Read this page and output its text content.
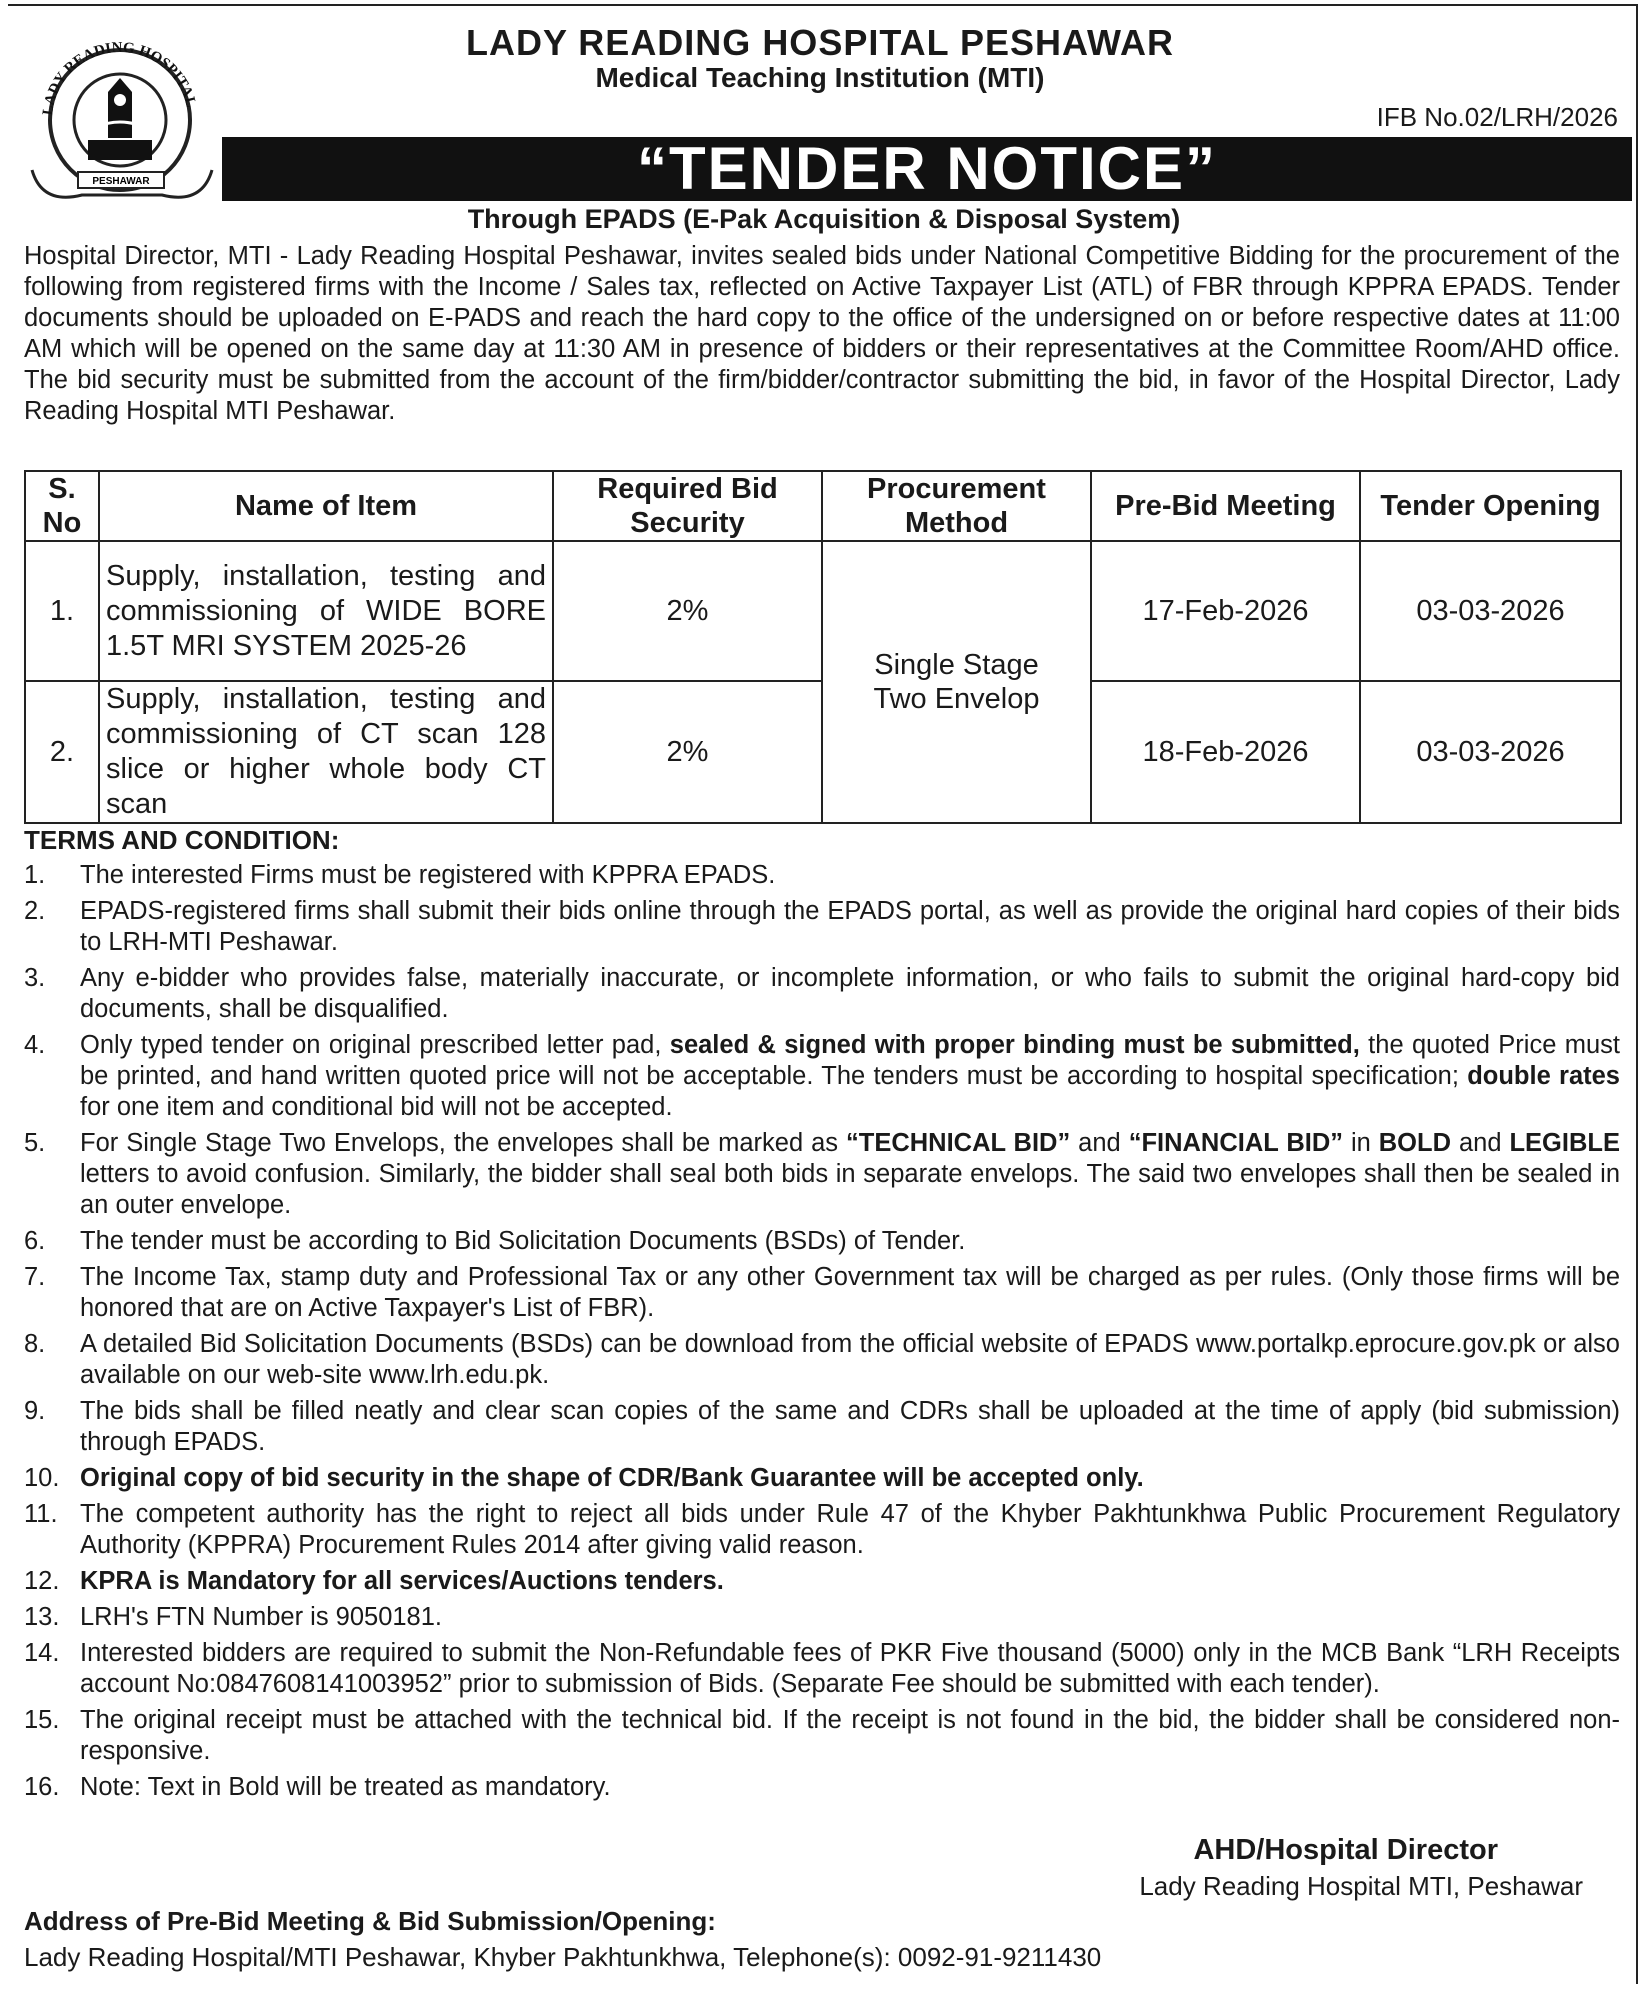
LADY READING HOSPITAL
PESHAWAR
LADY READING HOSPITAL PESHAWAR
Medical Teaching Institution (MTI)
IFB No.02/LRH/2026
“TENDER NOTICE”
Through EPADS (E-Pak Acquisition & Disposal System)
Hospital Director, MTI - Lady Reading Hospital Peshawar, invites sealed bids under National Competitive Bidding for the procurement of the following from registered firms with the Income / Sales tax, reflected on Active Taxpayer List (ATL) of FBR through KPPRA EPADS. Tender documents should be uploaded on E-PADS and reach the hard copy to the office of the undersigned on or before respective dates at 11:00 AM which will be opened on the same day at 11:30 AM in presence of bidders or their representatives at the Committee Room/AHD office. The bid security must be submitted from the account of the firm/bidder/contractor submitting the bid, in favor of the Hospital Director, Lady Reading Hospital MTI Peshawar.
S. No	Name of Item	Required Bid Security	Procurement Method	Pre-Bid Meeting	Tender Opening
1.	Supply, installation, testing and commissioning of WIDE BORE 1.5T MRI SYSTEM 2025-26	2%	Single Stage Two Envelop	17-Feb-2026	03-03-2026
2.	Supply, installation, testing and commissioning of CT scan 128 slice or higher whole body CT scan	2%		18-Feb-2026	03-03-2026
TERMS AND CONDITION:
1. The interested Firms must be registered with KPPRA EPADS.
2. EPADS-registered firms shall submit their bids online through the EPADS portal, as well as provide the original hard copies of their bids to LRH-MTI Peshawar.
3. Any e-bidder who provides false, materially inaccurate, or incomplete information, or who fails to submit the original hard-copy bid documents, shall be disqualified.
4. Only typed tender on original prescribed letter pad, sealed & signed with proper binding must be submitted, the quoted Price must be printed, and hand written quoted price will not be acceptable. The tenders must be according to hospital specification; double rates for one item and conditional bid will not be accepted.
5. For Single Stage Two Envelops, the envelopes shall be marked as “TECHNICAL BID” and “FINANCIAL BID” in BOLD and LEGIBLE letters to avoid confusion. Similarly, the bidder shall seal both bids in separate envelops. The said two envelopes shall then be sealed in an outer envelope.
6. The tender must be according to Bid Solicitation Documents (BSDs) of Tender.
7. The Income Tax, stamp duty and Professional Tax or any other Government tax will be charged as per rules. (Only those firms will be honored that are on Active Taxpayer's List of FBR).
8. A detailed Bid Solicitation Documents (BSDs) can be download from the official website of EPADS www.portalkp.eprocure.gov.pk or also available on our web-site www.lrh.edu.pk.
9. The bids shall be filled neatly and clear scan copies of the same and CDRs shall be uploaded at the time of apply (bid submission) through EPADS.
10. Original copy of bid security in the shape of CDR/Bank Guarantee will be accepted only.
11. The competent authority has the right to reject all bids under Rule 47 of the Khyber Pakhtunkhwa Public Procurement Regulatory Authority (KPPRA) Procurement Rules 2014 after giving valid reason.
12. KPRA is Mandatory for all services/Auctions tenders.
13. LRH's FTN Number is 9050181.
14. Interested bidders are required to submit the Non-Refundable fees of PKR Five thousand (5000) only in the MCB Bank “LRH Receipts account No:0847608141003952” prior to submission of Bids. (Separate Fee should be submitted with each tender).
15. The original receipt must be attached with the technical bid. If the receipt is not found in the bid, the bidder shall be considered non-responsive.
16. Note: Text in Bold will be treated as mandatory.
AHD/Hospital Director
Lady Reading Hospital MTI, Peshawar
Address of Pre-Bid Meeting & Bid Submission/Opening:
Lady Reading Hospital/MTI Peshawar, Khyber Pakhtunkhwa, Telephone(s): 0092-91-9211430
